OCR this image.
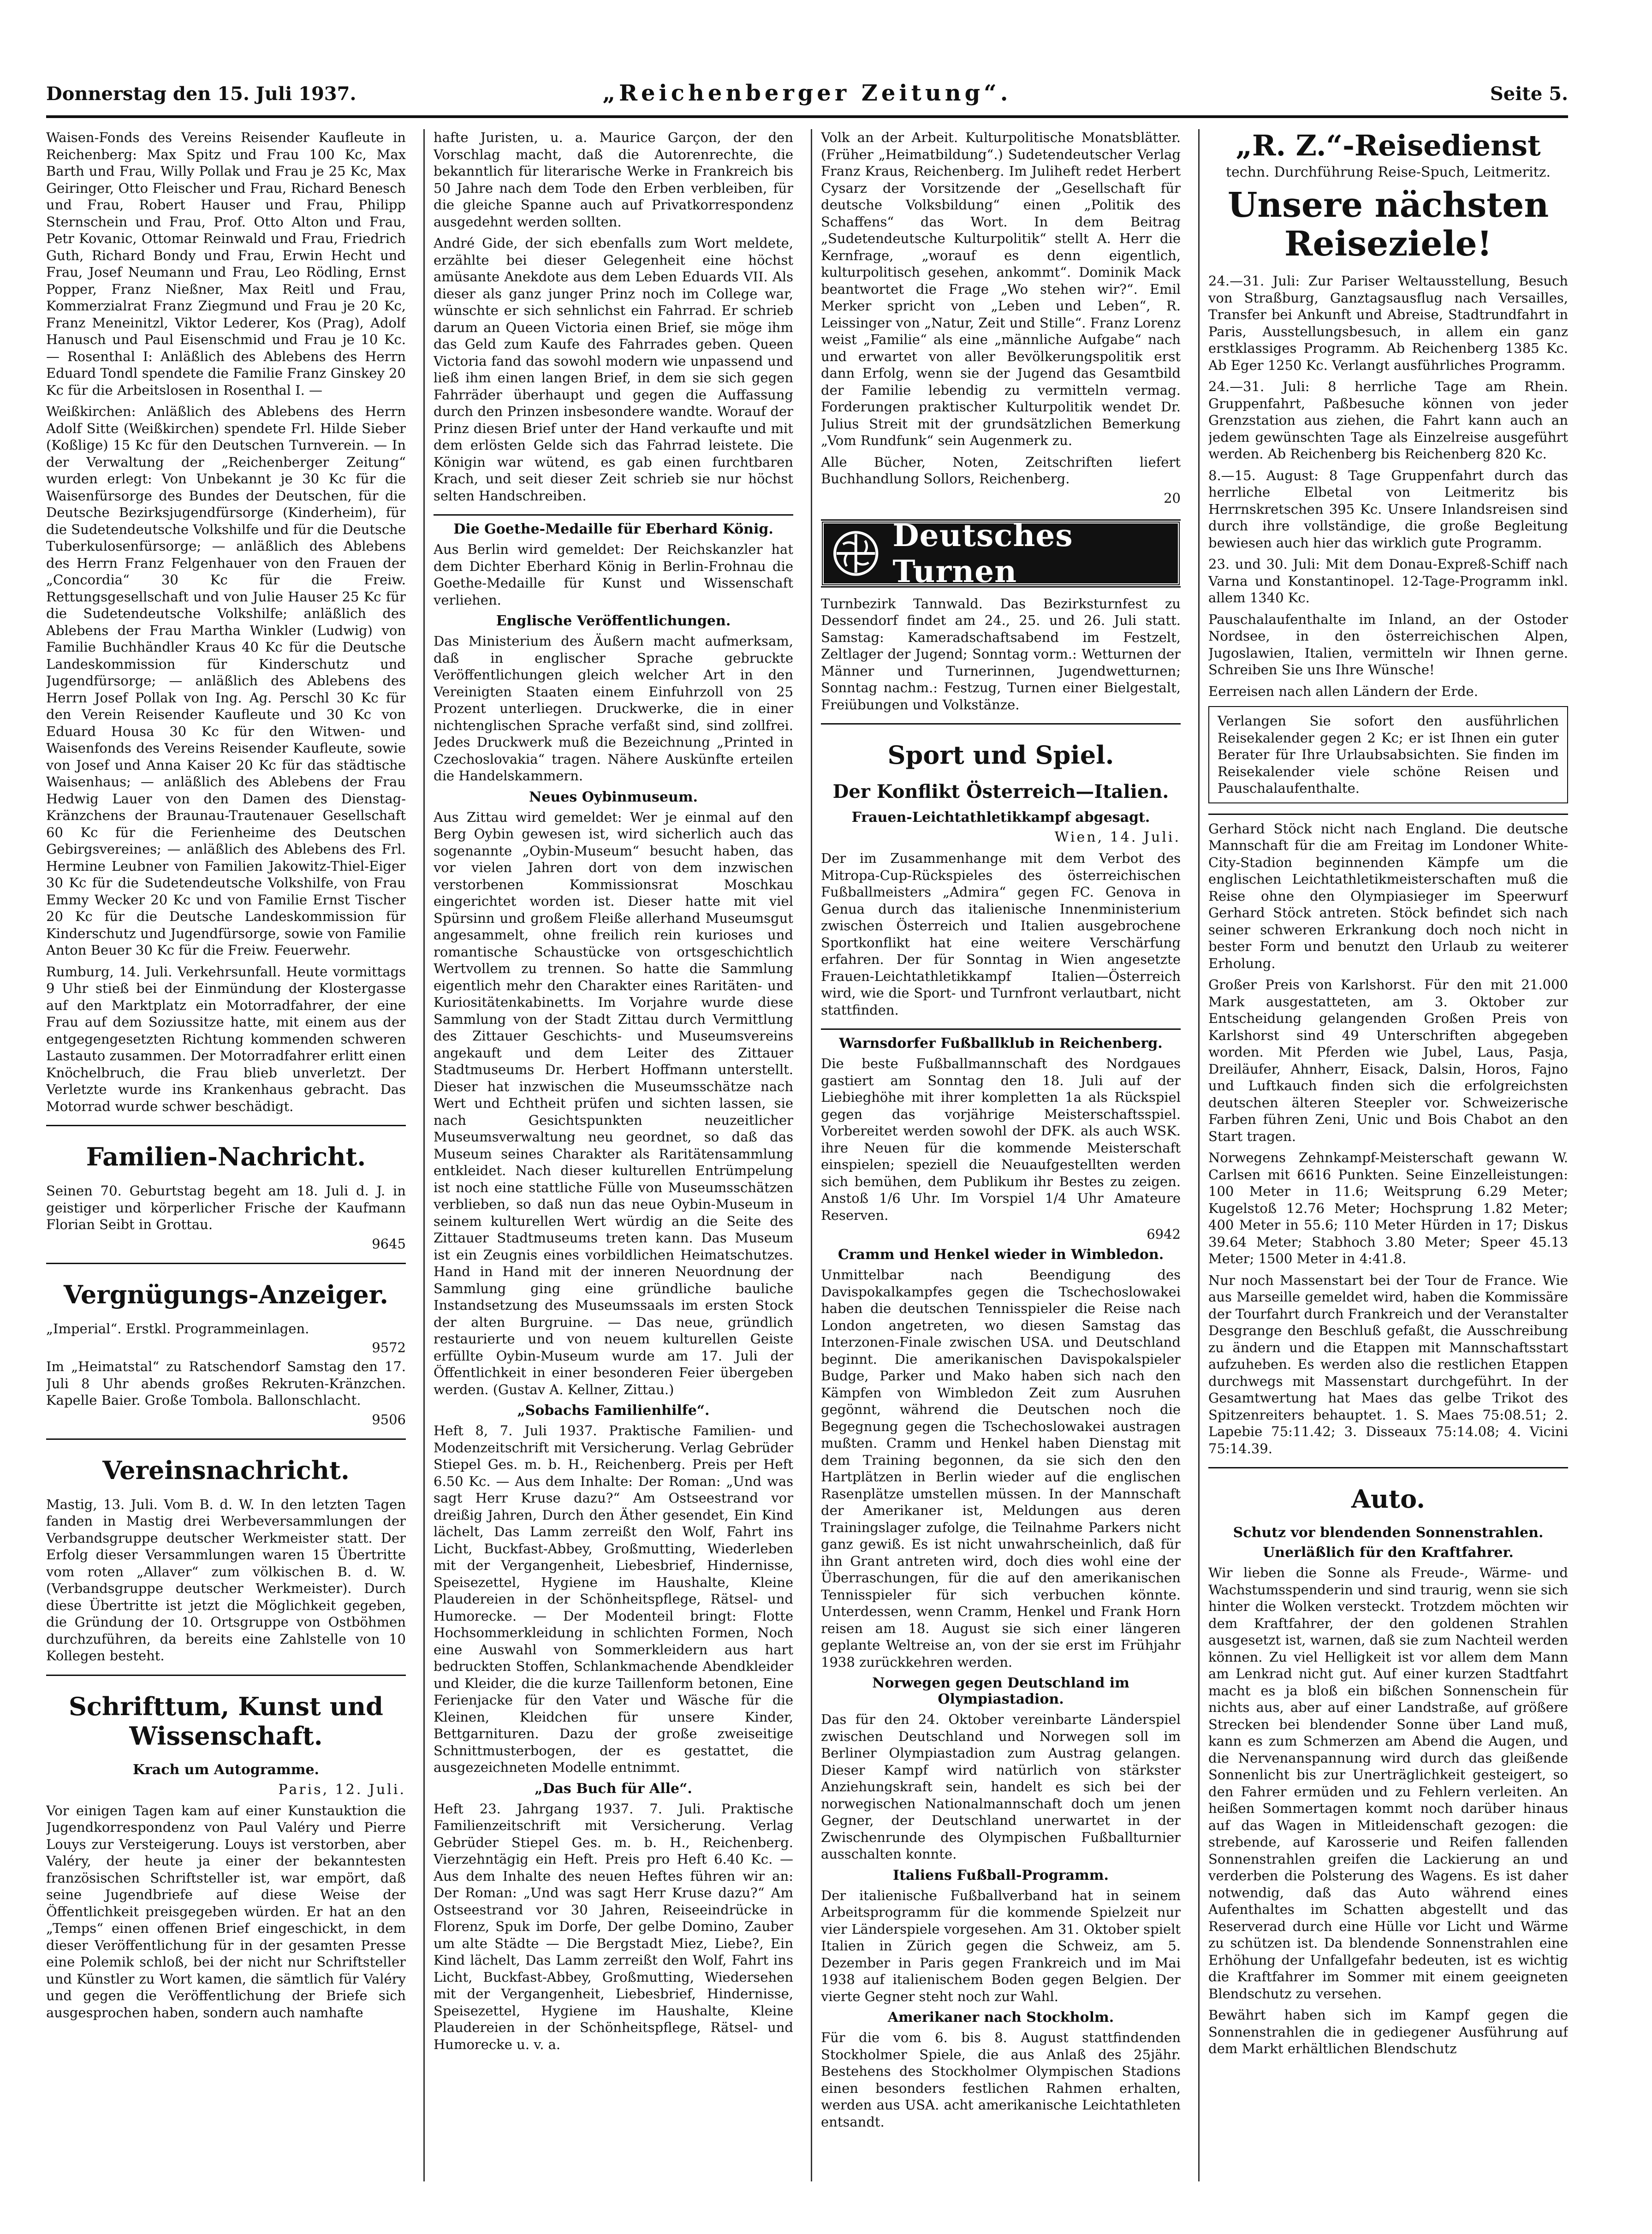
Donnerstag den 15. Juli 1937.	„Reichenberger Zeitung“.	Seite 5.

Waisen-Fonds des Vereins Reisender Kaufleute in Reichenberg: Max Spitz und Frau 100 Kc, Max Barth und Frau, Willy Pollak und Frau je 25 Kc, Max Geiringer, Otto Fleischer und Frau, Richard Benesch und Frau, Robert Hauser und Frau, Philipp Sternschein und Frau, Prof. Otto Alton und Frau, Petr Kovanic, Ottomar Reinwald und Frau, Friedrich Guth, Richard Bondy und Frau, Erwin Hecht und Frau, Josef Neumann und Frau, Leo Rödling, Ernst Popper, Franz Nießner, Max Reitl und Frau, Kommerzialrat Franz Ziegmund und Frau je 20 Kc, Franz Meneinitzl, Viktor Lederer, Kos (Prag), Adolf Hanusch und Paul Eisenschmid und Frau je 10 Kc. — Rosenthal I: Anläßlich des Ablebens des Herrn Eduard Tondl spendete die Familie Franz Ginskey 20 Kc für die Arbeitslosen in Rosenthal I. —

Weißkirchen: Anläßlich des Ablebens des Herrn Adolf Sitte (Weißkirchen) spendete Frl. Hilde Sieber (Koßlige) 15 Kc für den Deutschen Turnverein. — In der Verwaltung der „Reichenberger Zeitung“ wurden erlegt: Von Unbekannt je 30 Kc für die Waisenfürsorge des Bundes der Deutschen, für die Deutsche Bezirksjugendfürsorge (Kinderheim), für die Sudetendeutsche Volkshilfe und für die Deutsche Tuberkulosenfürsorge; — anläßlich des Ablebens des Herrn Franz Felgenhauer von den Frauen der „Concordia“ 30 Kc für die Freiw. Rettungsgesellschaft und von Julie Hauser 25 Kc für die Sudetendeutsche Volkshilfe; anläßlich des Ablebens der Frau Martha Winkler (Ludwig) von Familie Buchhändler Kraus 40 Kc für die Deutsche Landeskommission für Kinderschutz und Jugendfürsorge; — anläßlich des Ablebens des Herrn Josef Pollak von Ing. Ag. Perschl 30 Kc für den Verein Reisender Kaufleute und 30 Kc von Eduard Housa 30 Kc für den Witwen- und Waisenfonds des Vereins Reisender Kaufleute, sowie von Josef und Anna Kaiser 20 Kc für das städtische Waisenhaus; — anläßlich des Ablebens der Frau Hedwig Lauer von den Damen des Dienstag-Kränzchens der Braunau-Trautenauer Gesellschaft 60 Kc für die Ferienheime des Deutschen Gebirgsvereines; — anläßlich des Ablebens des Frl. Hermine Leubner von Familien Jakowitz-Thiel-Eiger 30 Kc für die Sudetendeutsche Volkshilfe, von Frau Emmy Wecker 20 Kc und von Familie Ernst Tischer 20 Kc für die Deutsche Landeskommission für Kinderschutz und Jugendfürsorge, sowie von Familie Anton Beuer 30 Kc für die Freiw. Feuerwehr.

Rumburg, 14. Juli. Verkehrsunfall. Heute vormittags 9 Uhr stieß bei der Einmündung der Klostergasse auf den Marktplatz ein Motorradfahrer, der eine Frau auf dem Soziussitze hatte, mit einem aus der entgegengesetzten Richtung kommenden schweren Lastauto zusammen. Der Motorradfahrer erlitt einen Knöchelbruch, die Frau blieb unverletzt. Der Verletzte wurde ins Krankenhaus gebracht. Das Motorrad wurde schwer beschädigt.

Familien-Nachricht.

Seinen 70. Geburtstag begeht am 18. Juli d. J. in geistiger und körperlicher Frische der Kaufmann Florian Seibt in Grottau.

9645
Vergnügungs-Anzeiger.

„Imperial“. Erstkl. Programmeinlagen.

9572

Im „Heimatstal“ zu Ratschendorf Samstag den 17. Juli 8 Uhr abends großes Rekruten-Kränzchen. Kapelle Baier. Große Tombola. Ballonschlacht.

9506
Vereinsnachricht.

Mastig, 13. Juli. Vom B. d. W. In den letzten Tagen fanden in Mastig drei Werbeversammlungen der Verbandsgruppe deutscher Werkmeister statt. Der Erfolg dieser Versammlungen waren 15 Übertritte vom roten „Allaver“ zum völkischen B. d. W. (Verbandsgruppe deutscher Werkmeister). Durch diese Übertritte ist jetzt die Möglichkeit gegeben, die Gründung der 10. Ortsgruppe von Ostböhmen durchzuführen, da bereits eine Zahlstelle von 10 Kollegen besteht.

Schrifttum, Kunst und Wissenschaft.
Krach um Autogramme.
Paris, 12. Juli.

Vor einigen Tagen kam auf einer Kunstauktion die Jugendkorrespondenz von Paul Valéry und Pierre Louys zur Versteigerung. Louys ist verstorben, aber Valéry, der heute ja einer der bekanntesten französischen Schriftsteller ist, war empört, daß seine Jugendbriefe auf diese Weise der Öffentlichkeit preisgegeben würden. Er hat an den „Temps“ einen offenen Brief eingeschickt, in dem dieser Veröffentlichung für in der gesamten Presse eine Polemik schloß, bei der nicht nur Schriftsteller und Künstler zu Wort kamen, die sämtlich für Valéry und gegen die Veröffentlichung der Briefe sich ausgesprochen haben, sondern auch namhafte

hafte Juristen, u. a. Maurice Garçon, der den Vorschlag macht, daß die Autorenrechte, die bekanntlich für literarische Werke in Frankreich bis 50 Jahre nach dem Tode den Erben verbleiben, für die gleiche Spanne auch auf Privatkorrespondenz ausgedehnt werden sollten.

André Gide, der sich ebenfalls zum Wort meldete, erzählte bei dieser Gelegenheit eine höchst amüsante Anekdote aus dem Leben Eduards VII. Als dieser als ganz junger Prinz noch im College war, wünschte er sich sehnlichst ein Fahrrad. Er schrieb darum an Queen Victoria einen Brief, sie möge ihm das Geld zum Kaufe des Fahrrades geben. Queen Victoria fand das sowohl modern wie unpassend und ließ ihm einen langen Brief, in dem sie sich gegen Fahrräder überhaupt und gegen die Auffassung durch den Prinzen insbesondere wandte. Worauf der Prinz diesen Brief unter der Hand verkaufte und mit dem erlösten Gelde sich das Fahrrad leistete. Die Königin war wütend, es gab einen furchtbaren Krach, und seit dieser Zeit schrieb sie nur höchst selten Handschreiben.

Die Goethe-Medaille für Eberhard König.

Aus Berlin wird gemeldet: Der Reichskanzler hat dem Dichter Eberhard König in Berlin-Frohnau die Goethe-Medaille für Kunst und Wissenschaft verliehen.

Englische Veröffentlichungen.

Das Ministerium des Äußern macht aufmerksam, daß in englischer Sprache gebruckte Veröffentlichungen gleich welcher Art in den Vereinigten Staaten einem Einfuhrzoll von 25 Prozent unterliegen. Druckwerke, die in einer nichtenglischen Sprache verfaßt sind, sind zollfrei. Jedes Druckwerk muß die Bezeichnung „Printed in Czechoslovakia“ tragen. Nähere Auskünfte erteilen die Handelskammern.

Neues Oybinmuseum.

Aus Zittau wird gemeldet: Wer je einmal auf den Berg Oybin gewesen ist, wird sicherlich auch das sogenannte „Oybin-Museum“ besucht haben, das vor vielen Jahren dort von dem inzwischen verstorbenen Kommissionsrat Moschkau eingerichtet worden ist. Dieser hatte mit viel Spürsinn und großem Fleiße allerhand Museumsgut angesammelt, ohne freilich rein kurioses und romantische Schaustücke von ortsgeschichtlich Wertvollem zu trennen. So hatte die Sammlung eigentlich mehr den Charakter eines Raritäten- und Kuriositätenkabinetts. Im Vorjahre wurde diese Sammlung von der Stadt Zittau durch Vermittlung des Zittauer Geschichts- und Museumsvereins angekauft und dem Leiter des Zittauer Stadtmuseums Dr. Herbert Hoffmann unterstellt. Dieser hat inzwischen die Museumsschätze nach Wert und Echtheit prüfen und sichten lassen, sie nach Gesichtspunkten neuzeitlicher Museumsverwaltung neu geordnet, so daß das Museum seines Charakter als Raritätensammlung entkleidet. Nach dieser kulturellen Entrümpelung ist noch eine stattliche Fülle von Museumsschätzen verblieben, so daß nun das neue Oybin-Museum in seinem kulturellen Wert würdig an die Seite des Zittauer Stadtmuseums treten kann. Das Museum ist ein Zeugnis eines vorbildlichen Heimatschutzes. Hand in Hand mit der inneren Neuordnung der Sammlung ging eine gründliche bauliche Instandsetzung des Museumssaals im ersten Stock der alten Burgruine. — Das neue, gründlich restaurierte und von neuem kulturellen Geiste erfüllte Oybin-Museum wurde am 17. Juli der Öffentlichkeit in einer besonderen Feier übergeben werden. (Gustav A. Kellner, Zittau.)

„Sobachs Familienhilfe“.

Heft 8, 7. Juli 1937. Praktische Familien- und Modenzeitschrift mit Versicherung. Verlag Gebrüder Stiepel Ges. m. b. H., Reichenberg. Preis per Heft 6.50 Kc. — Aus dem Inhalte: Der Roman: „Und was sagt Herr Kruse dazu?“ Am Ostseestrand vor dreißig Jahren, Durch den Äther gesendet, Ein Kind lächelt, Das Lamm zerreißt den Wolf, Fahrt ins Licht, Buckfast-Abbey, Großmutting, Wiederleben mit der Vergangenheit, Liebesbrief, Hindernisse, Speisezettel, Hygiene im Haushalte, Kleine Plaudereien in der Schönheitspflege, Rätsel- und Humorecke. — Der Modenteil bringt: Flotte Hochsommerkleidung in schlichten Formen, Noch eine Auswahl von Sommerkleidern aus hart bedruckten Stoffen, Schlankmachende Abendkleider und Kleider, die die kurze Taillenform betonen, Eine Ferienjacke für den Vater und Wäsche für die Kleinen, Kleidchen für unsere Kinder, Bettgarnituren. Dazu der große zweiseitige Schnittmusterbogen, der es gestattet, die ausgezeichneten Modelle entnimmt.

„Das Buch für Alle“.

Heft 23. Jahrgang 1937. 7. Juli. Praktische Familienzeitschrift mit Versicherung. Verlag Gebrüder Stiepel Ges. m. b. H., Reichenberg. Vierzehntägig ein Heft. Preis pro Heft 6.40 Kc. — Aus dem Inhalte des neuen Heftes führen wir an: Der Roman: „Und was sagt Herr Kruse dazu?“ Am Ostseestrand vor 30 Jahren, Reiseeindrücke in Florenz, Spuk im Dorfe, Der gelbe Domino, Zauber um alte Städte — Die Bergstadt Miez, Liebe?, Ein Kind lächelt, Das Lamm zerreißt den Wolf, Fahrt ins Licht, Buckfast-Abbey, Großmutting, Wiedersehen mit der Vergangenheit, Liebesbrief, Hindernisse, Speisezettel, Hygiene im Haushalte, Kleine Plaudereien in der Schönheitspflege, Rätsel- und Humorecke u. v. a.

Volk an der Arbeit. Kulturpolitische Monatsblätter. (Früher „Heimatbildung“.) Sudetendeutscher Verlag Franz Kraus, Reichenberg. Im Juliheft redet Herbert Cysarz der Vorsitzende der „Gesellschaft für deutsche Volksbildung“ einen „Politik des Schaffens“ das Wort. In dem Beitrag „Sudetendeutsche Kulturpolitik“ stellt A. Herr die Kernfrage, „worauf es denn eigentlich, kulturpolitisch gesehen, ankommt“. Dominik Mack beantwortet die Frage „Wo stehen wir?“. Emil Merker spricht von „Leben und Leben“, R. Leissinger von „Natur, Zeit und Stille“. Franz Lorenz weist „Familie“ als eine „männliche Aufgabe“ nach und erwartet von aller Bevölkerungspolitik erst dann Erfolg, wenn sie der Jugend das Gesamtbild der Familie lebendig zu vermitteln vermag. Forderungen praktischer Kulturpolitik wendet Dr. Julius Streit mit der grundsätzlichen Bemerkung „Vom Rundfunk“ sein Augenmerk zu.

Alle Bücher, Noten, Zeitschriften liefert Buchhandlung Sollors, Reichenberg.

20
Deutsches Turnen

Turnbezirk Tannwald. Das Bezirksturnfest zu Dessendorf findet am 24., 25. und 26. Juli statt. Samstag: Kameradschaftsabend im Festzelt, Zeltlager der Jugend; Sonntag vorm.: Wetturnen der Männer und Turnerinnen, Jugendwetturnen; Sonntag nachm.: Festzug, Turnen einer Bielgestalt, Freiübungen und Volkstänze.

Sport und Spiel.
Der Konflikt Österreich—Italien.
Frauen-Leichtathletikkampf abgesagt.
Wien, 14. Juli.

Der im Zusammenhange mit dem Verbot des Mitropa-Cup-Rückspieles des österreichischen Fußballmeisters „Admira“ gegen FC. Genova in Genua durch das italienische Innenministerium zwischen Österreich und Italien ausgebrochene Sportkonflikt hat eine weitere Verschärfung erfahren. Der für Sonntag in Wien angesetzte Frauen-Leichtathletikkampf Italien—Österreich wird, wie die Sport- und Turnfront verlautbart, nicht stattfinden.

Warnsdorfer Fußballklub in Reichenberg.

Die beste Fußballmannschaft des Nordgaues gastiert am Sonntag den 18. Juli auf der Liebieghöhe mit ihrer kompletten 1a als Rückspiel gegen das vorjährige Meisterschaftsspiel. Vorbereitet werden sowohl der DFK. als auch WSK. ihre Neuen für die kommende Meisterschaft einspielen; speziell die Neuaufgestellten werden sich bemühen, dem Publikum ihr Bestes zu zeigen. Anstoß 1/6 Uhr. Im Vorspiel 1/4 Uhr Amateure Reserven.

6942
Cramm und Henkel wieder in Wimbledon.

Unmittelbar nach Beendigung des Davispokalkampfes gegen die Tschechoslowakei haben die deutschen Tennisspieler die Reise nach London angetreten, wo diesen Samstag das Interzonen-Finale zwischen USA. und Deutschland beginnt. Die amerikanischen Davispokalspieler Budge, Parker und Mako haben sich nach den Kämpfen von Wimbledon Zeit zum Ausruhen gegönnt, während die Deutschen noch die Begegnung gegen die Tschechoslowakei austragen mußten. Cramm und Henkel haben Dienstag mit dem Training begonnen, da sie sich den den Hartplätzen in Berlin wieder auf die englischen Rasenplätze umstellen müssen. In der Mannschaft der Amerikaner ist, Meldungen aus deren Trainingslager zufolge, die Teilnahme Parkers nicht ganz gewiß. Es ist nicht unwahrscheinlich, daß für ihn Grant antreten wird, doch dies wohl eine der Überraschungen, für die auf den amerikanischen Tennisspieler für sich verbuchen könnte. Unterdessen, wenn Cramm, Henkel und Frank Horn reisen am 18. August sie sich einer längeren geplante Weltreise an, von der sie erst im Frühjahr 1938 zurückkehren werden.

Norwegen gegen Deutschland im Olympiastadion.

Das für den 24. Oktober vereinbarte Länderspiel zwischen Deutschland und Norwegen soll im Berliner Olympiastadion zum Austrag gelangen. Dieser Kampf wird natürlich von stärkster Anziehungskraft sein, handelt es sich bei der norwegischen Nationalmannschaft doch um jenen Gegner, der Deutschland unerwartet in der Zwischenrunde des Olympischen Fußballturnier ausschalten konnte.

Italiens Fußball-Programm.

Der italienische Fußballverband hat in seinem Arbeitsprogramm für die kommende Spielzeit nur vier Länderspiele vorgesehen. Am 31. Oktober spielt Italien in Zürich gegen die Schweiz, am 5. Dezember in Paris gegen Frankreich und im Mai 1938 auf italienischem Boden gegen Belgien. Der vierte Gegner steht noch zur Wahl.

Amerikaner nach Stockholm.

Für die vom 6. bis 8. August stattfindenden Stockholmer Spiele, die aus Anlaß des 25jähr. Bestehens des Stockholmer Olympischen Stadions einen besonders festlichen Rahmen erhalten, werden aus USA. acht amerikanische Leichtathleten entsandt.

„R. Z.“-Reisedienst
techn. Durchführung Reise-Spuch, Leitmeritz.
Unsere nächsten Reiseziele!

24.—31. Juli: Zur Pariser Weltausstellung, Besuch von Straßburg, Ganztagsausflug nach Versailles, Transfer bei Ankunft und Abreise, Stadtrundfahrt in Paris, Ausstellungsbesuch, in allem ein ganz erstklassiges Programm. Ab Reichenberg 1385 Kc. Ab Eger 1250 Kc. Verlangt ausführliches Programm.

24.—31. Juli: 8 herrliche Tage am Rhein. Gruppenfahrt, Paßbesuche können von jeder Grenzstation aus ziehen, die Fahrt kann auch an jedem gewünschten Tage als Einzelreise ausgeführt werden. Ab Reichenberg bis Reichenberg 820 Kc.

8.—15. August: 8 Tage Gruppenfahrt durch das herrliche Elbetal von Leitmeritz bis Herrnskretschen 395 Kc. Unsere Inlandsreisen sind durch ihre vollständige, die große Begleitung bewiesen auch hier das wirklich gute Programm.

23. und 30. Juli: Mit dem Donau-Expreß-Schiff nach Varna und Konstantinopel. 12-Tage-Programm inkl. allem 1340 Kc.

Pauschalaufenthalte im Inland, an der Ostoder Nordsee, in den österreichischen Alpen, Jugoslawien, Italien, vermitteln wir Ihnen gerne. Schreiben Sie uns Ihre Wünsche!

Eerreisen nach allen Ländern der Erde.

Verlangen Sie sofort den ausführlichen Reisekalender gegen 2 Kc; er ist Ihnen ein guter Berater für Ihre Urlaubsabsichten. Sie finden im Reisekalender viele schöne Reisen und Pauschalaufenthalte.

Gerhard Stöck nicht nach England. Die deutsche Mannschaft für die am Freitag im Londoner White-City-Stadion beginnenden Kämpfe um die englischen Leichtathletikmeisterschaften muß die Reise ohne den Olympiasieger im Speerwurf Gerhard Stöck antreten. Stöck befindet sich nach seiner schweren Erkrankung doch noch nicht in bester Form und benutzt den Urlaub zu weiterer Erholung.

Großer Preis von Karlshorst. Für den mit 21.000 Mark ausgestatteten, am 3. Oktober zur Entscheidung gelangenden Großen Preis von Karlshorst sind 49 Unterschriften abgegeben worden. Mit Pferden wie Jubel, Laus, Pasja, Dreiläufer, Ahnherr, Eisack, Dalsin, Horos, Fajno und Luftkauch finden sich die erfolgreichsten deutschen älteren Steepler vor. Schweizerische Farben führen Zeni, Unic und Bois Chabot an den Start tragen.

Norwegens Zehnkampf-Meisterschaft gewann W. Carlsen mit 6616 Punkten. Seine Einzelleistungen: 100 Meter in 11.6; Weitsprung 6.29 Meter; Kugelstoß 12.76 Meter; Hochsprung 1.82 Meter; 400 Meter in 55.6; 110 Meter Hürden in 17; Diskus 39.64 Meter; Stabhoch 3.80 Meter; Speer 45.13 Meter; 1500 Meter in 4:41.8.

Nur noch Massenstart bei der Tour de France. Wie aus Marseille gemeldet wird, haben die Kommissäre der Tourfahrt durch Frankreich und der Veranstalter Desgrange den Beschluß gefaßt, die Ausschreibung zu ändern und die Etappen mit Mannschaftsstart aufzuheben. Es werden also die restlichen Etappen durchwegs mit Massenstart durchgeführt. In der Gesamtwertung hat Maes das gelbe Trikot des Spitzenreiters behauptet. 1. S. Maes 75:08.51; 2. Lapebie 75:11.42; 3. Disseaux 75:14.08; 4. Vicini 75:14.39.

Auto.
Schutz vor blendenden Sonnenstrahlen.
Unerläßlich für den Kraftfahrer.

Wir lieben die Sonne als Freude-, Wärme- und Wachstumsspenderin und sind traurig, wenn sie sich hinter die Wolken versteckt. Trotzdem möchten wir dem Kraftfahrer, der den goldenen Strahlen ausgesetzt ist, warnen, daß sie zum Nachteil werden können. Zu viel Helligkeit ist vor allem dem Mann am Lenkrad nicht gut. Auf einer kurzen Stadtfahrt macht es ja bloß ein bißchen Sonnenschein für nichts aus, aber auf einer Landstraße, auf größere Strecken bei blendender Sonne über Land muß, kann es zum Schmerzen am Abend die Augen, und die Nervenanspannung wird durch das gleißende Sonnenlicht bis zur Unerträglichkeit gesteigert, so den Fahrer ermüden und zu Fehlern verleiten. An heißen Sommertagen kommt noch darüber hinaus auf das Wagen in Mitleidenschaft gezogen: die strebende, auf Karosserie und Reifen fallenden Sonnenstrahlen greifen die Lackierung an und verderben die Polsterung des Wagens. Es ist daher notwendig, daß das Auto während eines Aufenthaltes im Schatten abgestellt und das Reserverad durch eine Hülle vor Licht und Wärme zu schützen ist. Da blendende Sonnenstrahlen eine Erhöhung der Unfallgefahr bedeuten, ist es wichtig die Kraftfahrer im Sommer mit einem geeigneten Blendschutz zu versehen.

Bewährt haben sich im Kampf gegen die Sonnenstrahlen die in gediegener Ausführung auf dem Markt erhältlichen Blendschutz
